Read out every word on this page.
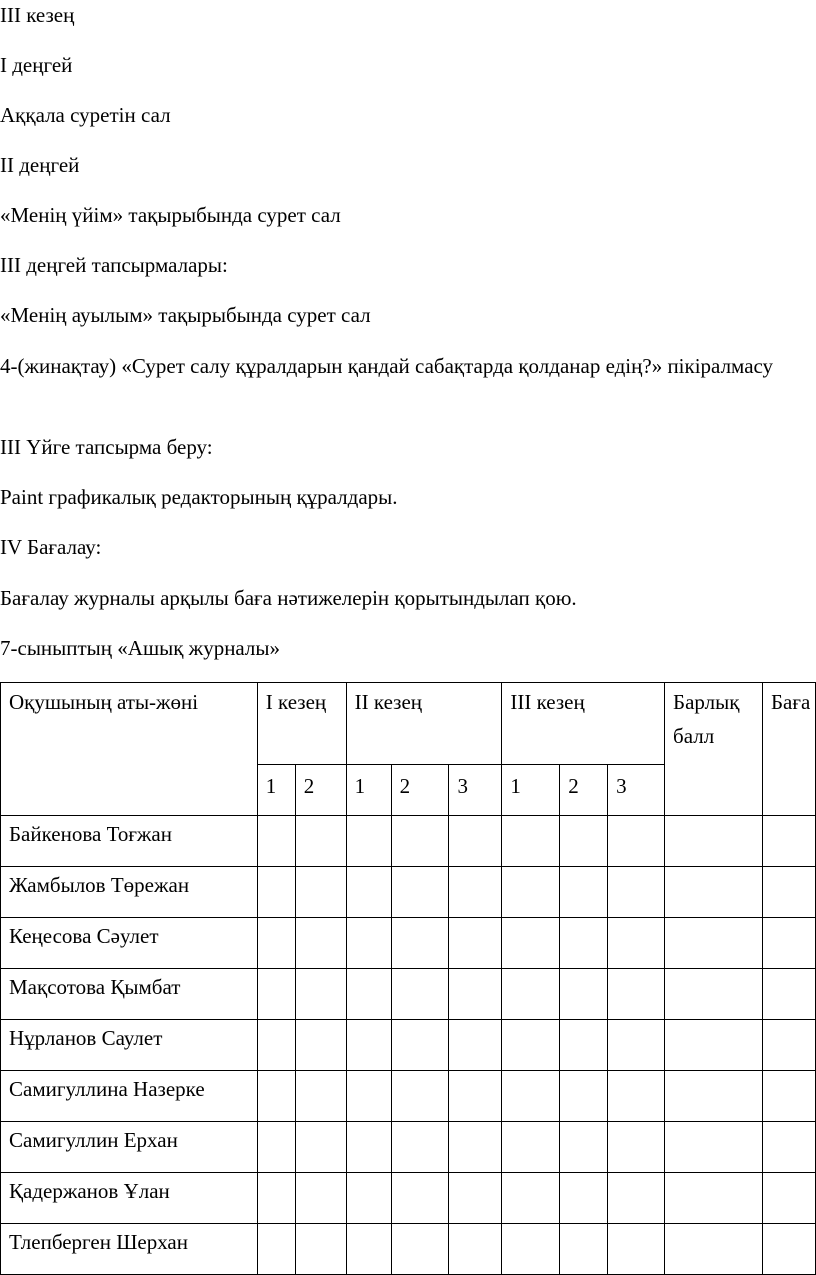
III кезең

I деңгей

Аққала суретін сал

II деңгей

«Менің үйім» тақырыбында сурет сал

III деңгей тапсырмалары:

«Менің ауылым» тақырыбында сурет сал

4-(жинақтау) «Сурет салу құралдарын қандай сабақтарда қолданар едің?» пікіралмасу

III Үйге тапсырма беру:

Paint графикалық редакторының құралдары.

IV Бағалау:

Бағалау журналы арқылы баға нәтижелерін қорытындылап қою.

7-сыныптың «Ашық журналы»

Оқушының аты-жөні	I кезең		II кезең			III кезең			Барлық балл	Баға
	1	2	1	2	3	1	2	3		
Байкенова Тоғжан										
Жамбылов Төрежан										
Кеңесова Сәулет										
Мақсотова Қымбат										
Нұрланов Саулет										
Самигуллина Назерке										
Самигуллин Ерхан										
Қадержанов Ұлан										
Тлепберген Шерхан										
